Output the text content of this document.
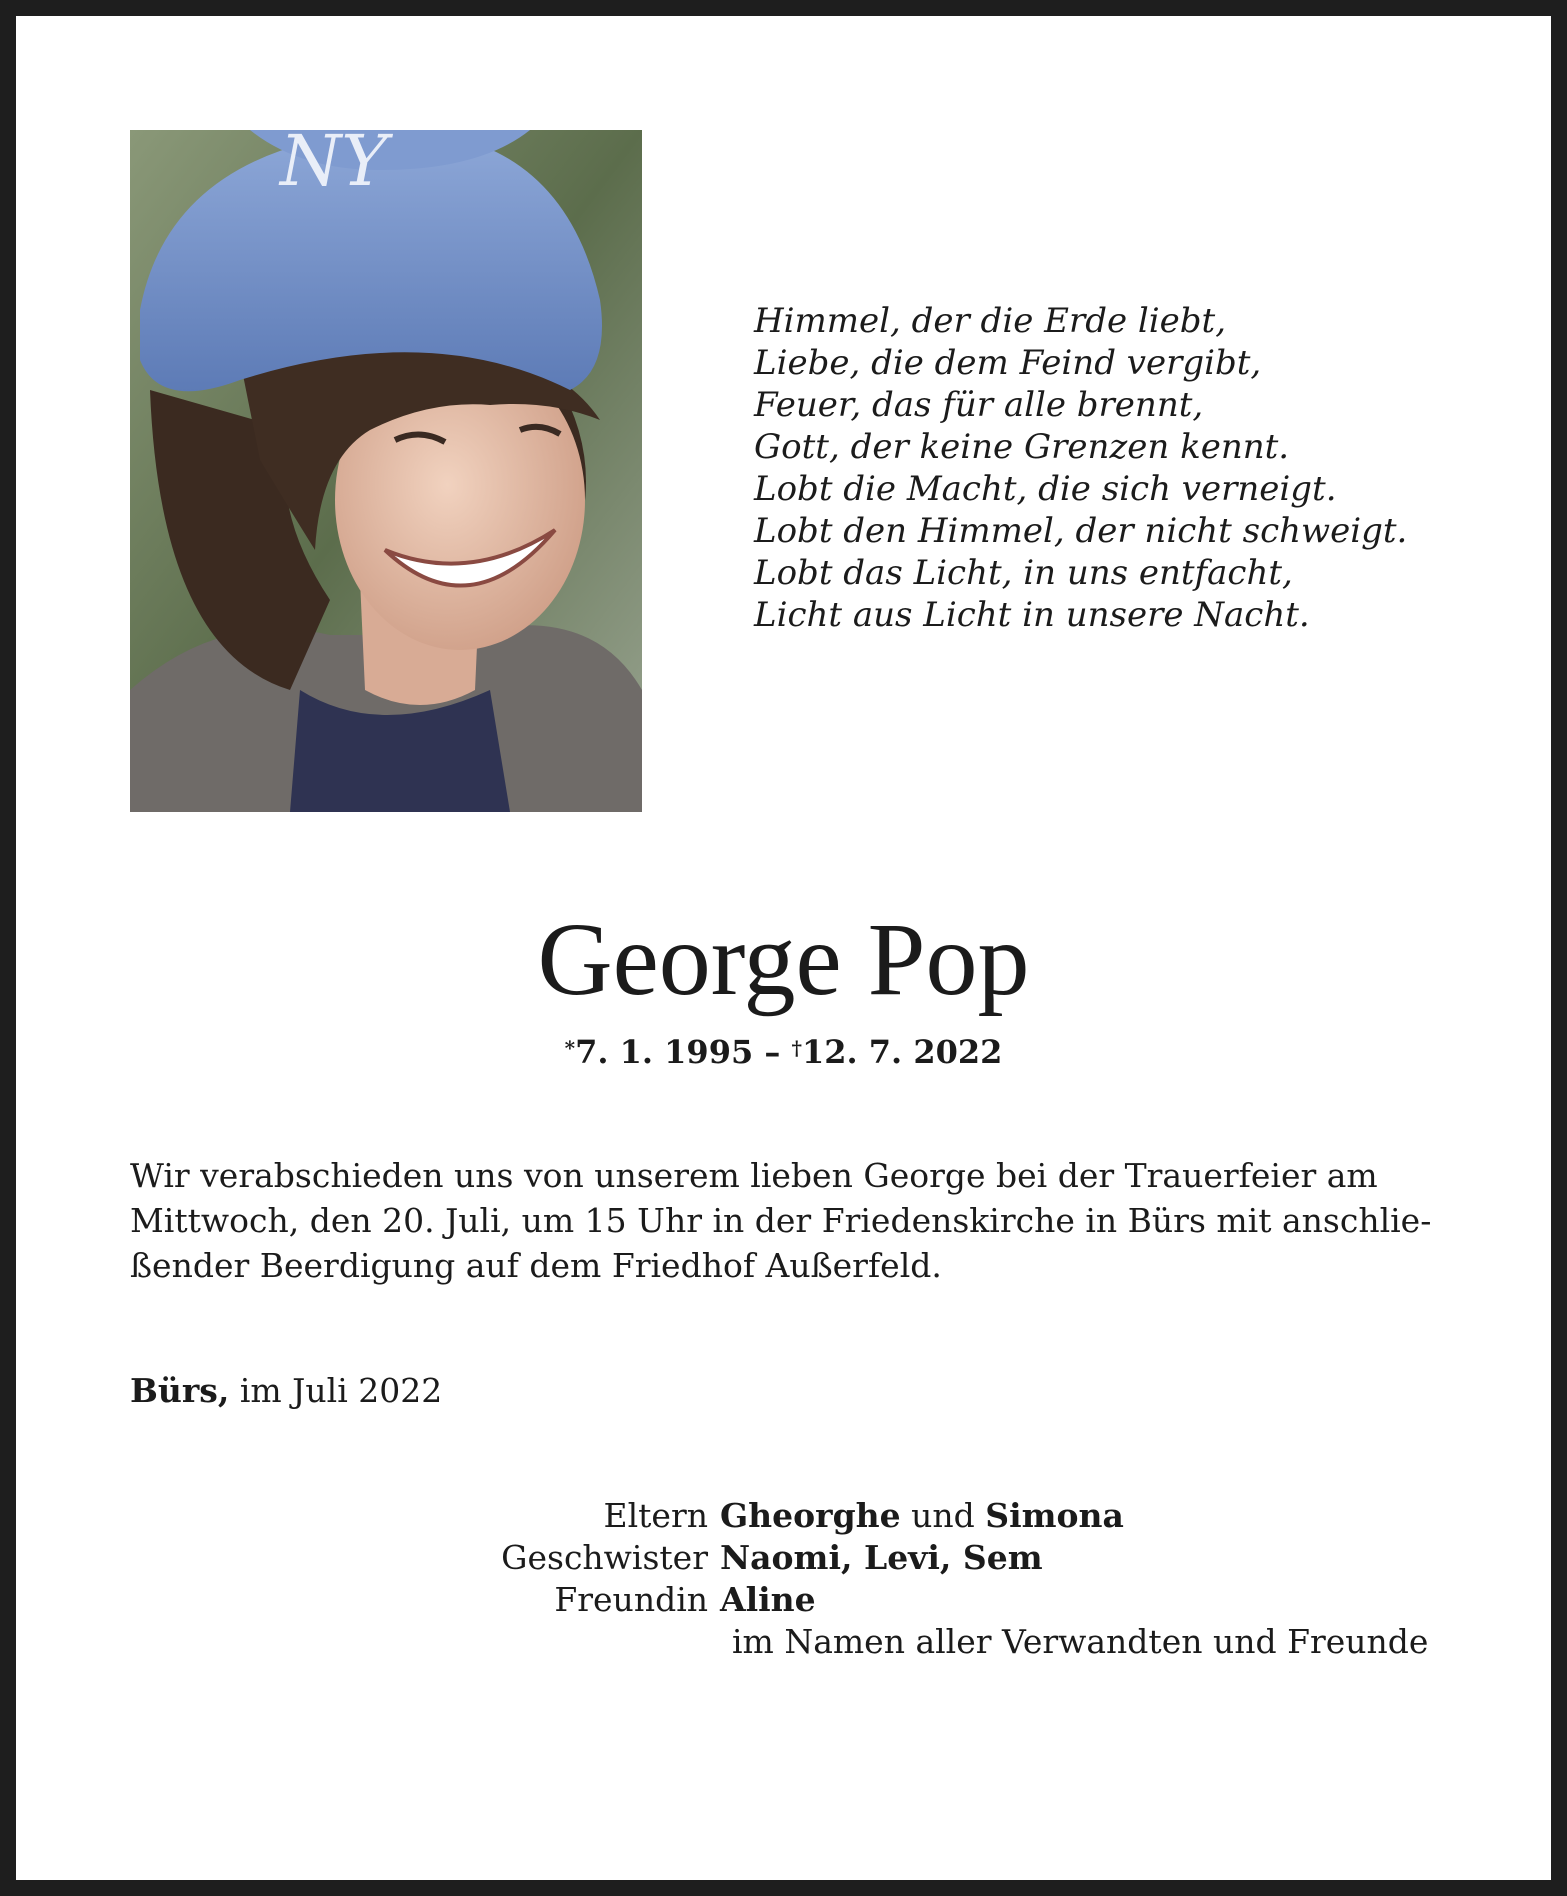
NY
Himmel, der die Erde liebt,
Liebe, die dem Feind vergibt,
Feuer, das für alle brennt,
Gott, der keine Grenzen kennt.
Lobt die Macht, die sich verneigt.
Lobt den Himmel, der nicht schweigt.
Lobt das Licht, in uns entfacht,
Licht aus Licht in unsere Nacht.
George Pop
*7. 1. 1995 – †12. 7. 2022
Wir verabschieden uns von unserem lieben George bei der Trauerfeier am
Mittwoch, den 20. Juli, um 15 Uhr in der Friedenskirche in Bürs mit anschlie-
ßender Beerdigung auf dem Friedhof Außerfeld.
Bürs, im Juli 2022
Eltern Gheorghe und Simona
Geschwister Naomi, Levi, Sem
Freundin Aline
im Namen aller Verwandten und Freunde
